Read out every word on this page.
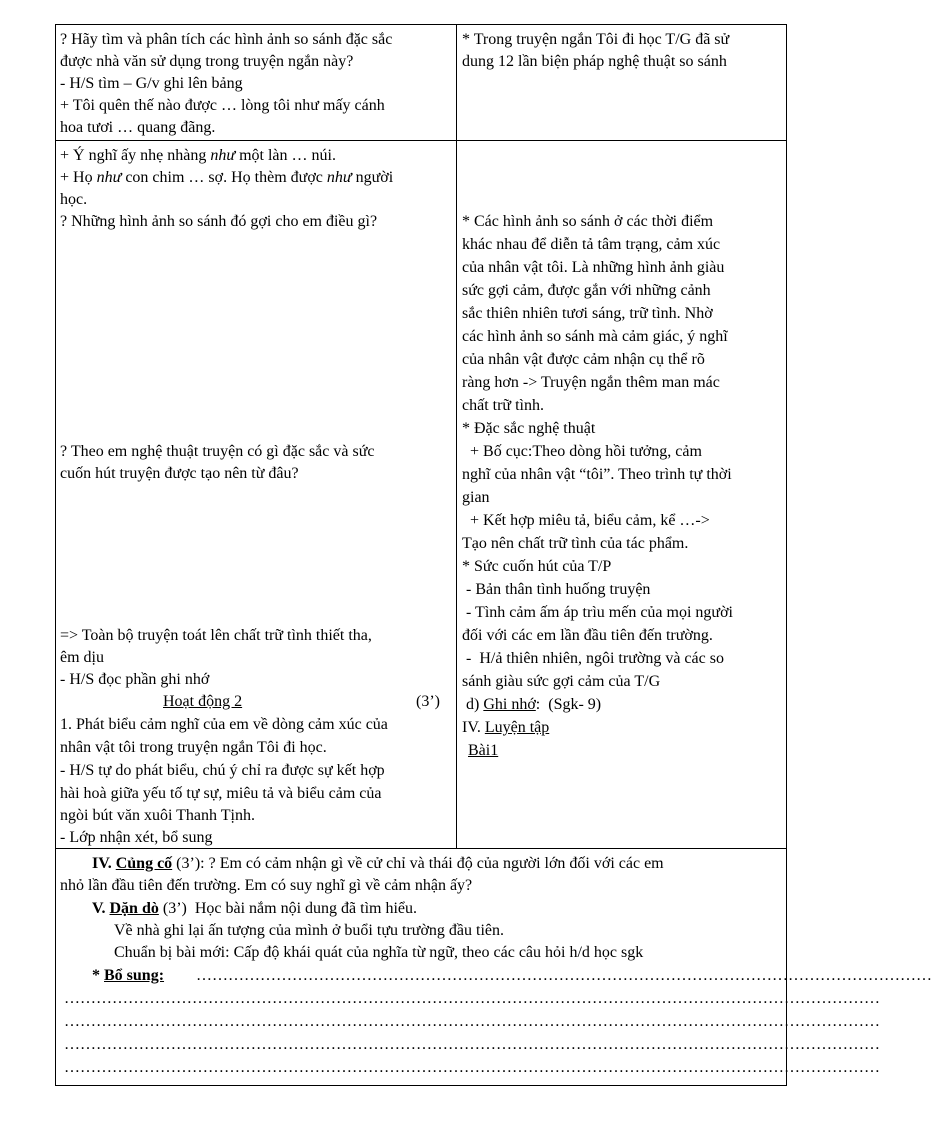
? Hãy tìm và phân tích các hình ảnh so sánh đặc sắc
được nhà văn sử dụng trong truyện ngắn này?
- H/S tìm – G/v ghi lên bảng
+ Tôi quên thế nào được … lòng tôi như mấy cánh
hoa tươi … quang đãng.
* Trong truyện ngắn Tôi đi học T/G đã sử
dung 12 lần biện pháp nghệ thuật so sánh
+ Ý nghĩ ấy nhẹ nhàng như một làn … núi.
+ Họ như con chim … sợ. Họ thèm được như người
học.
? Những hình ảnh so sánh đó gợi cho em điều gì?
? Theo em nghệ thuật truyện có gì đặc sắc và sức
cuốn hút truyện được tạo nên từ đâu?
=> Toàn bộ truyện toát lên chất trữ tình thiết tha,
êm dịu
- H/S đọc phần ghi nhớ
Hoạt động 2	(3’)
1. Phát biểu cảm nghĩ của em về dòng cảm xúc của
nhân vật tôi trong truyện ngắn Tôi đi học.
- H/S tự do phát biểu, chú ý chỉ ra được sự kết hợp
hài hoà giữa yếu tố tự sự, miêu tả và biểu cảm của
ngòi bút văn xuôi Thanh Tịnh.
- Lớp nhận xét, bổ sung
* Các hình ảnh so sánh ở các thời điểm
khác nhau để diễn tả tâm trạng, cảm xúc
của nhân vật tôi. Là những hình ảnh giàu
sức gợi cảm, được gắn với những cảnh
sắc thiên nhiên tươi sáng, trữ tình. Nhờ
các hình ảnh so sánh mà cảm giác, ý nghĩ
của nhân vật được cảm nhận cụ thể rõ
ràng hơn -> Truyện ngắn thêm man mác
chất trữ tình.
* Đặc sắc nghệ thuật
+ Bố cục:Theo dòng hồi tưởng, cảm
nghĩ của nhân vật “tôi”. Theo trình tự thời
gian
+ Kết hợp miêu tả, biểu cảm, kể …->
Tạo nên chất trữ tình của tác phẩm.
* Sức cuốn hút của T/P
- Bản thân tình huống truyện
- Tình cảm ấm áp trìu mến của mọi người
đối với các em lần đầu tiên đến trường.
-  H/ả thiên nhiên, ngôi trường và các so
sánh giàu sức gợi cảm của T/G
d) Ghi nhớ:  (Sgk- 9)
IV. Luyện tập
Bài1
IV. Củng cố (3’): ? Em có cảm nhận gì về cử chỉ và thái độ của người lớn đối với các em
nhỏ lần đầu tiên đến trường. Em có suy nghĩ gì về cảm nhận ấy?
V. Dặn dò (3’)  Học bài nắm nội dung đã tìm hiểu.
Về nhà ghi lại ấn tượng của mình ở buổi tựu trường đầu tiên.
Chuẩn bị bài mới: Cấp độ khái quát của nghĩa từ ngữ, theo các câu hỏi h/d học sgk
* Bổ sung: …………………………………………………………………………………………………………………………
………………………………………………………………………………………………………………………………………
………………………………………………………………………………………………………………………………………
………………………………………………………………………………………………………………………………………
………………………………………………………………………………………………………………………………………
